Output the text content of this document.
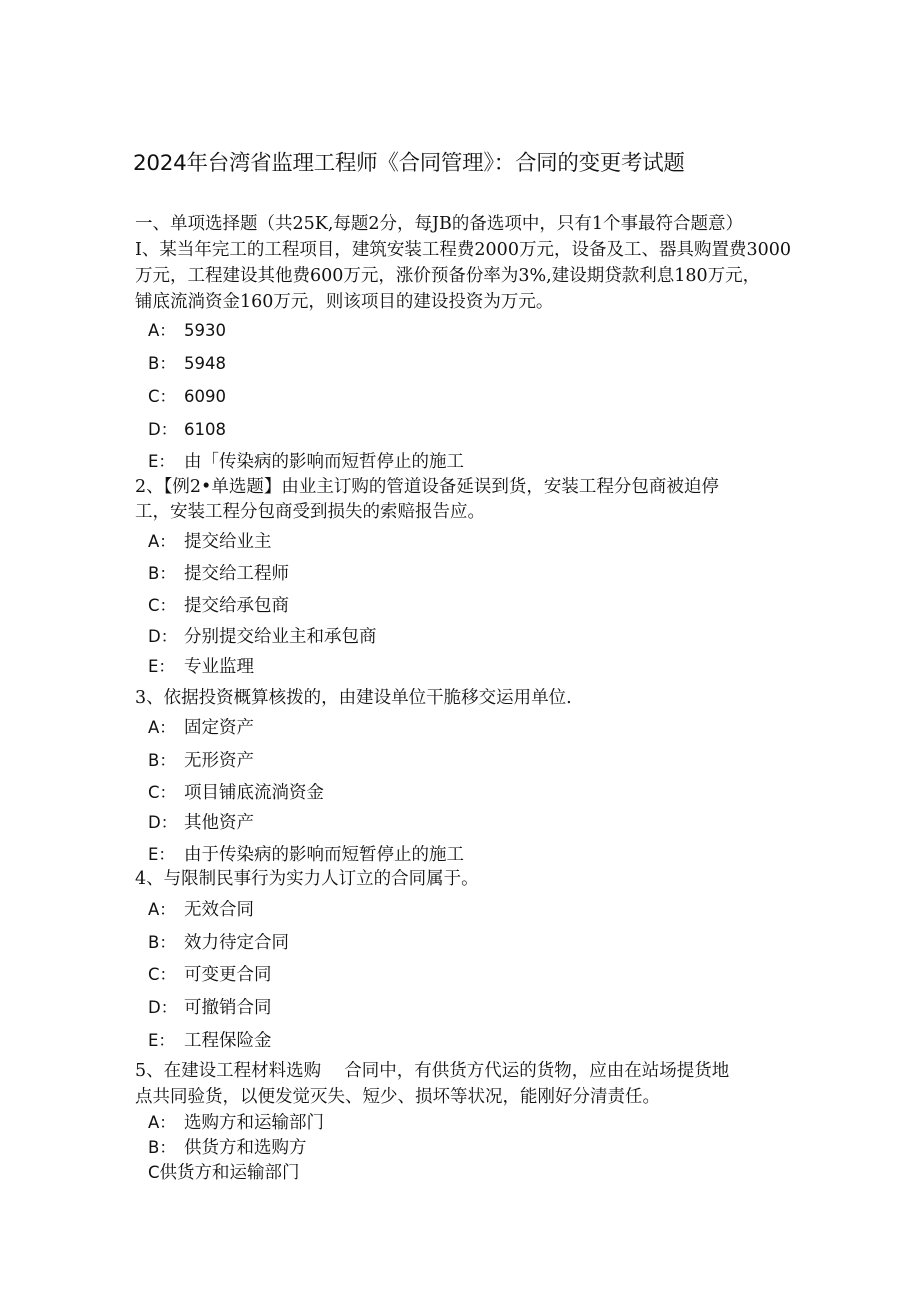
2024年台湾省监理工程师《合同管理》：合同的变更考试题
一、单项选择题（共25K,每题2分，每JB的备选项中，只有1个事最符合题意）
I、某当年完工的工程项目，建筑安装工程费2000万元，设备及工、器具购置费3000
万元，工程建设其他费600万元，涨价预备份率为3%,建设期贷款利息180万元，
铺底流淌资金160万元，则该项目的建设投资为万元。
A： 5930
B： 5948
C： 6090
D： 6108
E： 由「传染病的影响而短哲停止的施工
2、【例2•单选题】由业主订购的管道设备延误到货，安装工程分包商被迫停
工，安装工程分包商受到损失的索赔报告应。
A： 提交给业主
B： 提交给工程师
C： 提交给承包商
D： 分别提交给业主和承包商
E： 专业监理
3、依据投资概算核拨的，由建设单位干脆移交运用单位.
A： 固定资产
B： 无形资产
C： 项目铺底流淌资金
D： 其他资产
E： 由于传染病的影响而短暂停止的施工
4、与限制民事行为实力人订立的合同属于。
A： 无效合同
B： 效力待定合同
C： 可变更合同
D： 可撤销合同
E： 工程保险金
5、在建设工程材料选购　 合同中，有供货方代运的货物，应由在站场提货地
点共同验货，以便发觉灭失、短少、损坏等状况，能刚好分清责任。
A： 选购方和运输部门
B： 供货方和选购方
C供货方和运输部门
